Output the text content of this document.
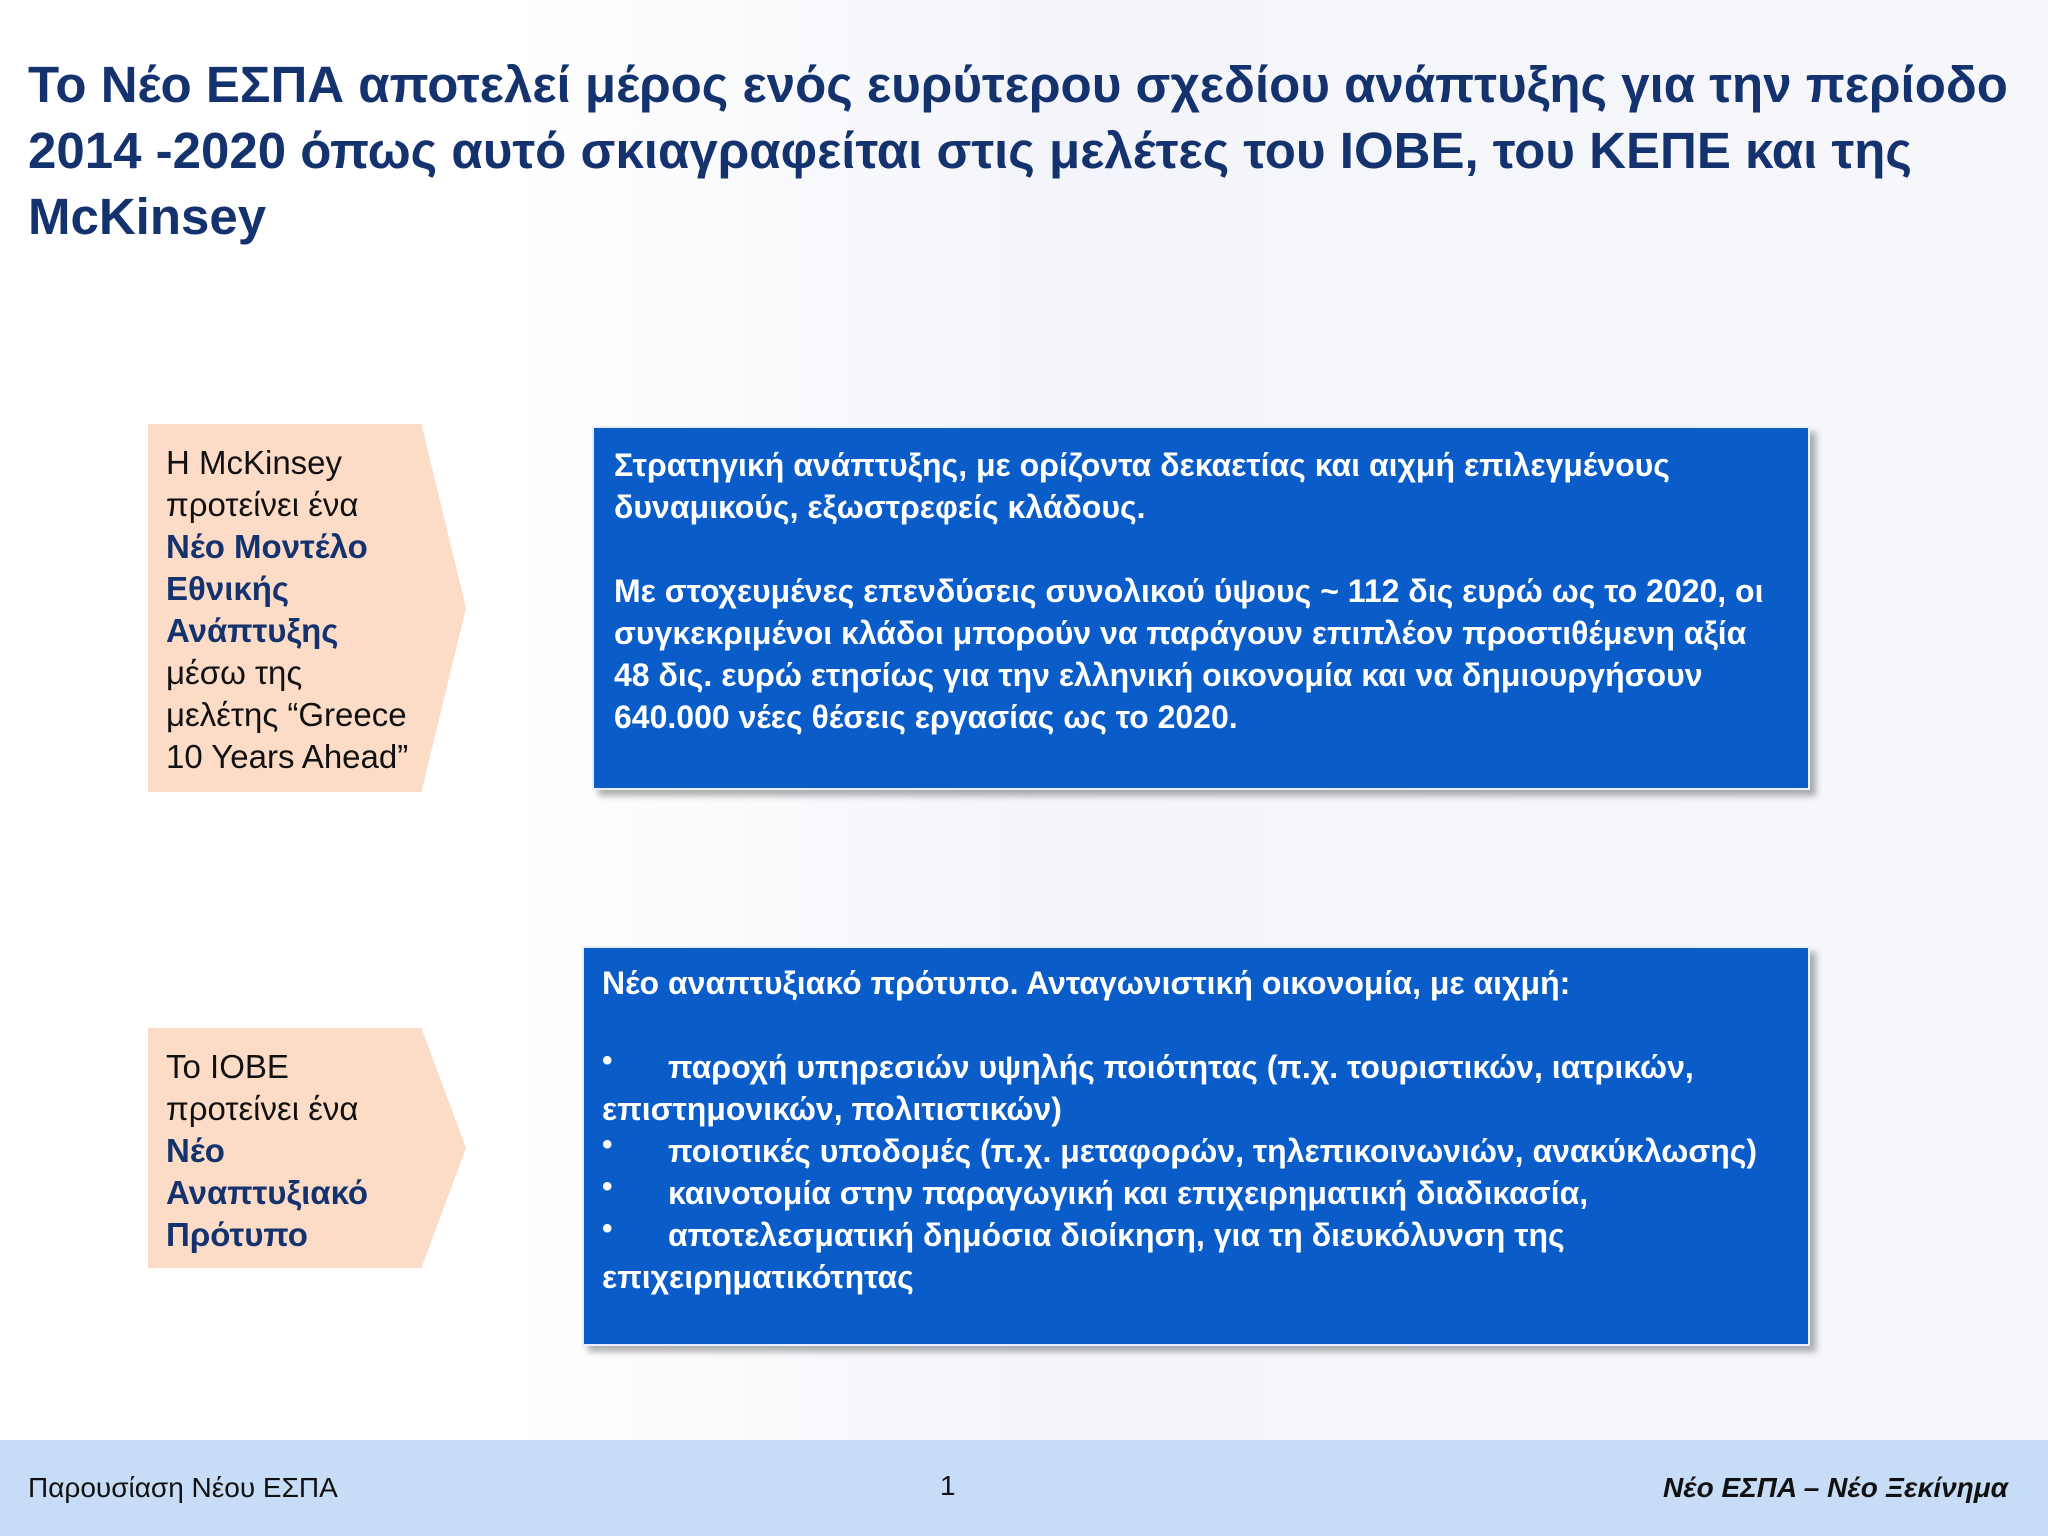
Το Νέο ΕΣΠΑ αποτελεί μέρος ενός ευρύτερου σχεδίου ανάπτυξης για την περίοδο 2014 -2020 όπως αυτό σκιαγραφείται στις μελέτες του ΙΟΒΕ, του ΚΕΠΕ και της McKinsey
Η McKinsey
προτείνει ένα
Νέο Μοντέλο
Εθνικής
Ανάπτυξης
μέσω της
μελέτης “Greece
10 Years Ahead”
Το ΙΟΒΕ
προτείνει ένα
Νέο
Αναπτυξιακό
Πρότυπο

Στρατηγική ανάπτυξης, με ορίζοντα δεκαετίας και αιχμή επιλεγμένους δυναμικούς, εξωστρεφείς κλάδους.

Με στοχευμένες επενδύσεις συνολικού ύψους ~ 112 δις ευρώ ως το 2020, οι συγκεκριμένοι κλάδοι μπορούν να παράγουν επιπλέον προστιθέμενη αξία 48 δις. ευρώ ετησίως για την ελληνική οικονομία και να δημιουργήσουν 640.000 νέες θέσεις εργασίας ως το 2020.

Νέο αναπτυξιακό πρότυπο. Ανταγωνιστική οικονομία, με αιχμή:

• παροχή υπηρεσιών υψηλής ποιότητας (π.χ. τουριστικών, ιατρικών, επιστημονικών, πολιτιστικών)

• ποιοτικές υποδομές (π.χ. μεταφορών, τηλεπικοινωνιών, ανακύκλωσης)

• καινοτομία στην παραγωγική και επιχειρηματική διαδικασία,

• αποτελεσματική δημόσια διοίκηση, για τη διευκόλυνση της επιχειρηματικότητας

Παρουσίαση Νέου ΕΣΠΑ	1	Νέο ΕΣΠΑ – Νέο Ξεκίνημα
